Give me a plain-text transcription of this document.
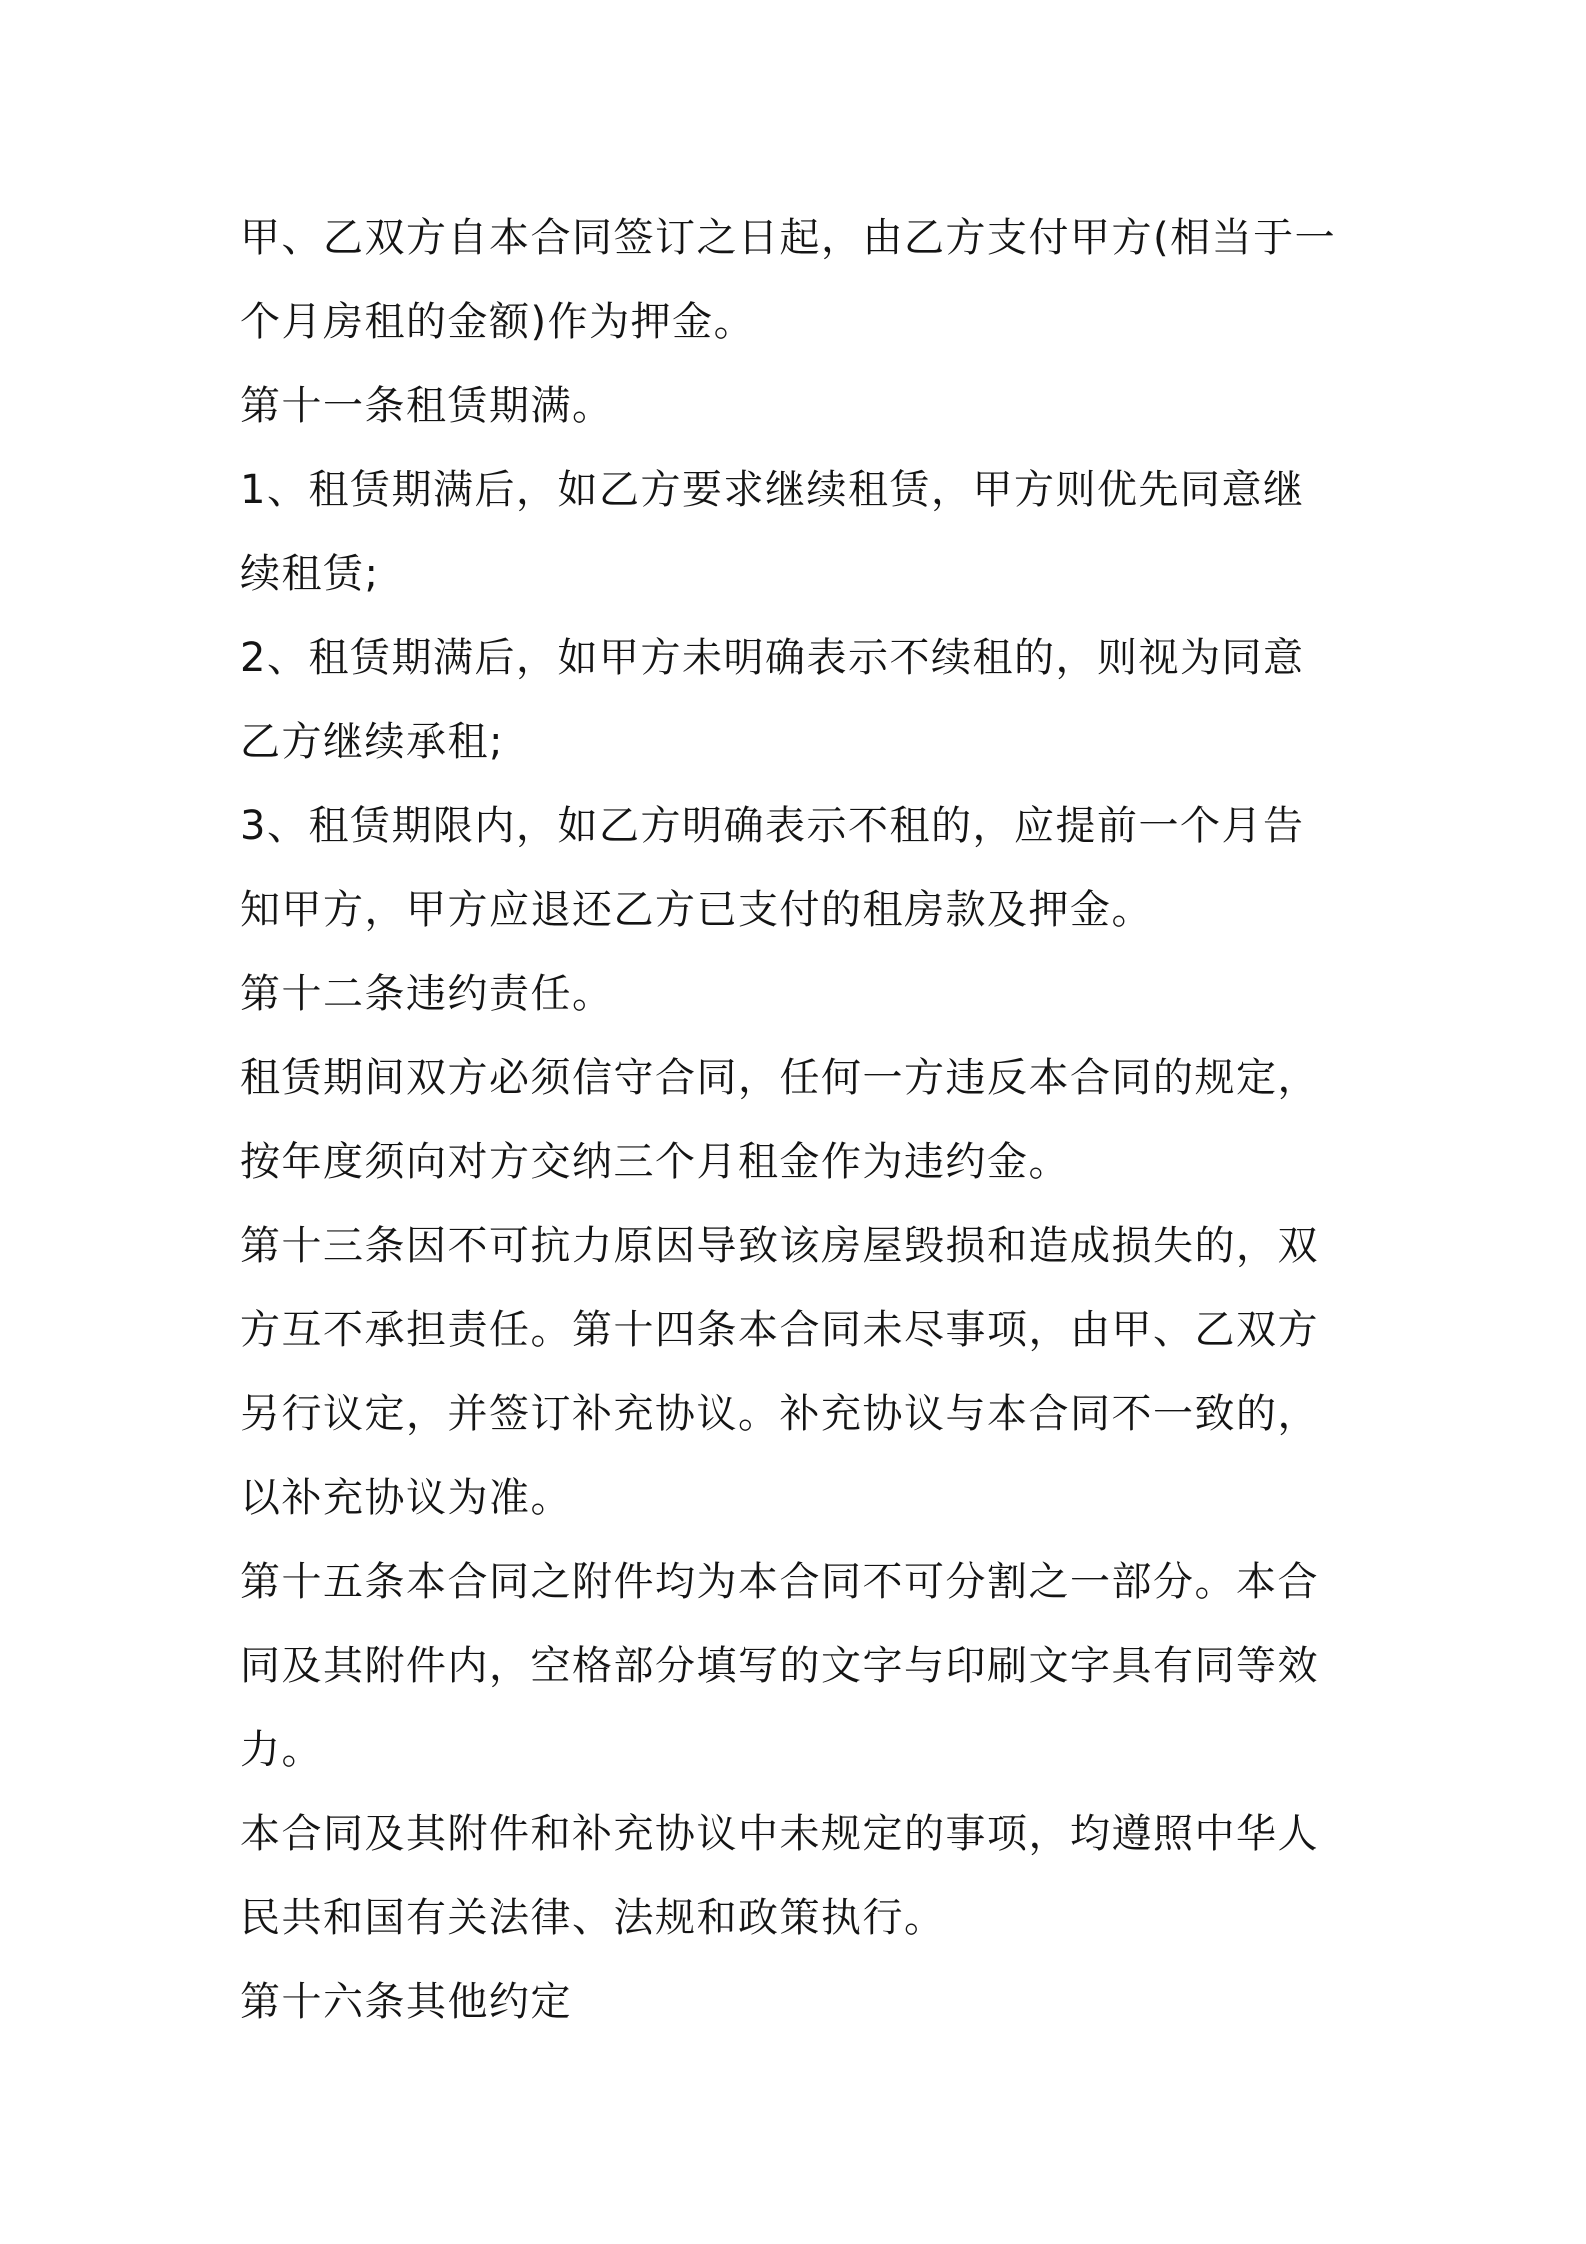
甲、乙双方自本合同签订之日起，由乙方支付甲方(相当于一
个月房租的金额)作为押金。
第十一条租赁期满。
1、租赁期满后，如乙方要求继续租赁，甲方则优先同意继
续租赁;
2、租赁期满后，如甲方未明确表示不续租的，则视为同意
乙方继续承租;
3、租赁期限内，如乙方明确表示不租的，应提前一个月告
知甲方，甲方应退还乙方已支付的租房款及押金。
第十二条违约责任。
租赁期间双方必须信守合同，任何一方违反本合同的规定，
按年度须向对方交纳三个月租金作为违约金。
第十三条因不可抗力原因导致该房屋毁损和造成损失的，双
方互不承担责任。第十四条本合同未尽事项，由甲、乙双方
另行议定，并签订补充协议。补充协议与本合同不一致的，
以补充协议为准。
第十五条本合同之附件均为本合同不可分割之一部分。本合
同及其附件内，空格部分填写的文字与印刷文字具有同等效
力。
本合同及其附件和补充协议中未规定的事项，均遵照中华人
民共和国有关法律、法规和政策执行。
第十六条其他约定
